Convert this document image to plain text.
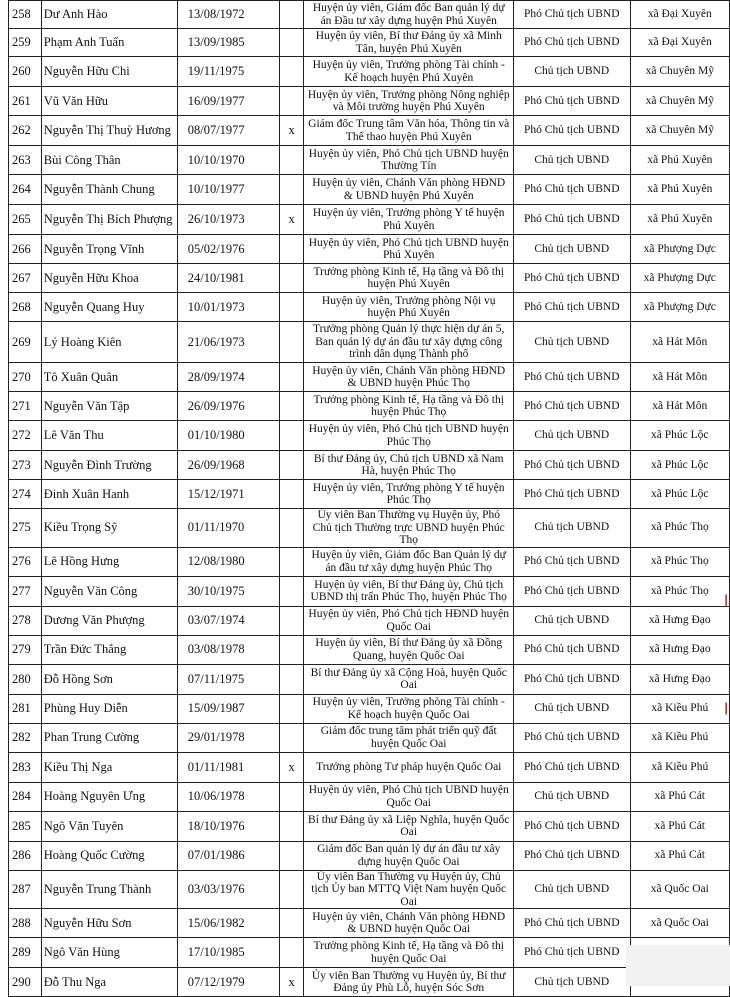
258	Dư Anh Hào	13/08/1972		Huyện ủy viên, Giám đốc Ban quản lý dự án Đầu tư xây dựng huyện Phú Xuyên	Phó Chủ tịch UBND	xã Đại Xuyên
259	Phạm Anh Tuấn	13/09/1985		Huyện ủy viên, Bí thư Đảng ủy xã Minh Tân, huyện Phú Xuyên	Phó Chủ tịch UBND	xã Đại Xuyên
260	Nguyễn Hữu Chi	19/11/1975		Huyện ủy viên, Trưởng phòng Tài chính - Kế hoạch huyện Phú Xuyên	Chủ tịch UBND	xã Chuyên Mỹ
261	Vũ Văn Hữu	16/09/1977		Huyện ủy viên, Trưởng phòng Nông nghiệp và Môi trường huyện Phú Xuyên	Phó Chủ tịch UBND	xã Chuyên Mỹ
262	Nguyễn Thị Thuỳ Hương	08/07/1977	x	Giám đốc Trung tâm Văn hóa, Thông tin và Thể thao huyện Phú Xuyên	Phó Chủ tịch UBND	xã Chuyên Mỹ
263	Bùi Công Thân	10/10/1970		Huyện ủy viên, Phó Chủ tịch UBND huyện Thường Tín	Chủ tịch UBND	xã Phú Xuyên
264	Nguyễn Thành Chung	10/10/1977		Huyện ủy viên, Chánh Văn phòng HĐND & UBND huyện Phú Xuyên	Phó Chủ tịch UBND	xã Phú Xuyên
265	Nguyễn Thị Bích Phượng	26/10/1973	x	Huyện ủy viên, Trưởng phòng Y tế huyện Phú Xuyên	Phó Chủ tịch UBND	xã Phú Xuyên
266	Nguyễn Trọng Vĩnh	05/02/1976		Huyện ủy viên, Phó Chủ tịch UBND huyện Phú Xuyên	Chủ tịch UBND	xã Phượng Dực
267	Nguyễn Hữu Khoa	24/10/1981		Trưởng phòng Kinh tế, Hạ tầng và Đô thị huyện Phú Xuyên	Phó Chủ tịch UBND	xã Phượng Dực
268	Nguyễn Quang Huy	10/01/1973		Huyện ủy viên, Trưởng phòng Nội vụ huyện Phú Xuyên	Phó Chủ tịch UBND	xã Phượng Dực
269	Lý Hoàng Kiên	21/06/1973		Trưởng phòng Quản lý thực hiện dự án 5, Ban quản lý dự án đầu tư xây dựng công trình dân dụng Thành phố	Chủ tịch UBND	xã Hát Môn
270	Tô Xuân Quân	28/09/1974		Huyện ủy viên, Chánh Văn phòng HĐND & UBND huyện Phúc Thọ	Phó Chủ tịch UBND	xã Hát Môn
271	Nguyễn Văn Tập	26/09/1976		Trưởng phòng Kinh tế, Hạ tầng và Đô thị huyện Phúc Thọ	Phó Chủ tịch UBND	xã Hát Môn
272	Lê Văn Thu	01/10/1980		Huyện ủy viên, Phó Chủ tịch UBND huyện Phúc Thọ	Chủ tịch UBND	xã Phúc Lộc
273	Nguyễn Đình Trường	26/09/1968		Bí thư Đảng ủy, Chủ tịch UBND xã Nam Hà, huyện Phúc Thọ	Phó Chủ tịch UBND	xã Phúc Lộc
274	Đinh Xuân Hanh	15/12/1971		Huyện ủy viên, Trưởng phòng Y tế huyện Phúc Thọ	Phó Chủ tịch UBND	xã Phúc Lộc
275	Kiều Trọng Sỹ	01/11/1970		Ủy viên Ban Thường vụ Huyện ủy, Phó Chủ tịch Thường trực UBND huyện Phúc Thọ	Chủ tịch UBND	xã Phúc Thọ
276	Lê Hồng Hưng	12/08/1980		Huyện ủy viên, Giám đốc Ban Quản lý dự án đầu tư xây dựng huyện Phúc Thọ	Phó Chủ tịch UBND	xã Phúc Thọ
277	Nguyễn Văn Công	30/10/1975		Huyện ủy viên, Bí thư Đảng ủy, Chủ tịch UBND thị trấn Phúc Thọ, huyện Phúc Thọ	Phó Chủ tịch UBND	xã Phúc Thọ
278	Dương Văn Phượng	03/07/1974		Huyện ủy viên, Phó Chủ tịch HĐND huyện Quốc Oai	Chủ tịch UBND	xã Hưng Đạo
279	Trần Đức Thắng	03/08/1978		Huyện ủy viên, Bí thư Đảng ủy xã Đồng Quang, huyện Quốc Oai	Phó Chủ tịch UBND	xã Hưng Đạo
280	Đỗ Hồng Sơn	07/11/1975		Bí thư Đảng ủy xã Cộng Hoà, huyện Quốc Oai	Phó Chủ tịch UBND	xã Hưng Đạo
281	Phùng Huy Diễn	15/09/1987		Huyện ủy viên, Trưởng phòng Tài chính - Kế hoạch huyện Quốc Oai	Chủ tịch UBND	xã Kiều Phú
282	Phan Trung Cường	29/01/1978		Giám đốc trung tâm phát triển quỹ đất huyện Quốc Oai	Phó Chủ tịch UBND	xã Kiều Phú
283	Kiều Thị Nga	01/11/1981	x	Trưởng phòng Tư pháp huyện Quốc Oai	Phó Chủ tịch UBND	xã Kiều Phú
284	Hoàng Nguyên Ưng	10/06/1978		Huyện ủy viên, Phó Chủ tịch UBND huyện Quốc Oai	Chủ tịch UBND	xã Phú Cát
285	Ngô Văn Tuyên	18/10/1976		Bí thư Đảng ủy xã Liệp Nghĩa, huyện Quốc Oai	Phó Chủ tịch UBND	xã Phú Cát
286	Hoàng Quốc Cường	07/01/1986		Giám đốc Ban quản lý dự án đầu tư xây dựng huyện Quốc Oai	Phó Chủ tịch UBND	xã Phú Cát
287	Nguyễn Trung Thành	03/03/1976		Ủy viên Ban Thường vụ Huyện ủy, Chủ tịch Ủy ban MTTQ Việt Nam huyện Quốc Oai	Chủ tịch UBND	xã Quốc Oai
288	Nguyễn Hữu Sơn	15/06/1982		Huyện ủy viên, Chánh Văn phòng HĐND & UBND huyện Quốc Oai	Phó Chủ tịch UBND	xã Quốc Oai
289	Ngô Văn Hùng	17/10/1985		Trưởng phòng Kinh tế, Hạ tầng và Đô thị huyện Quốc Oai	Phó Chủ tịch UBND	
290	Đỗ Thu Nga	07/12/1979	x	Ủy viên Ban Thường vụ Huyện ủy, Bí thư Đảng ủy Phù Lỗ, huyện Sóc Sơn	Chủ tịch UBND	
|
|
